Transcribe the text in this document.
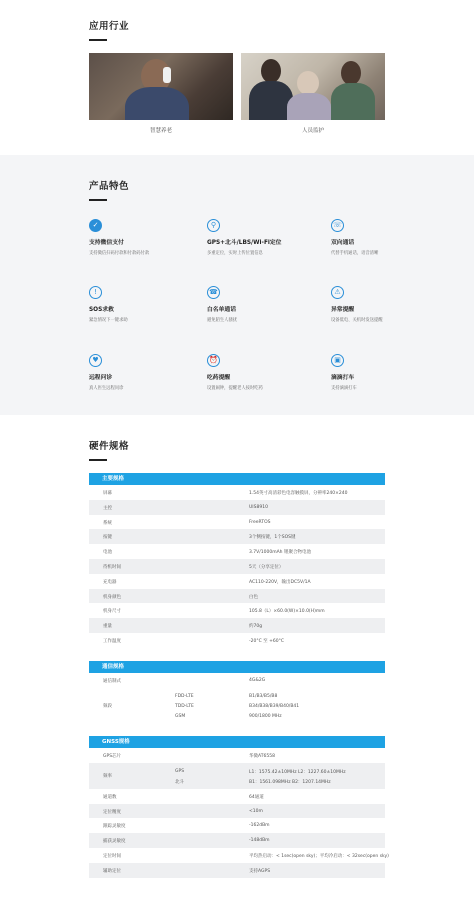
应用行业
智慧养老	人员监护
产品特色
✓
支持微信支付
支持微信扫码付款和付款码付款
⚲
GPS+北斗/LBS/Wi-Fi定位
多重定位，实时上传位置信息
☏
双向通话
代替手机通话，语音清晰
!
SOS求救
紧急情况下一键求助
☎
白名单通话
避免陌生人骚扰
⚠
异常提醒
设备低电、关机时发送提醒
♥
远程问诊
真人医生远程问诊
⏰
吃药提醒
设置闹钟，提醒老人按时吃药
▣
滴滴打车
支持滴滴打车
硬件规格
主要规格
屏幕	1.54英寸高清彩色电容触摸屏，分辨率240×240
主控	UIS8910
系统	FreeRTOS
按键	3个侧按键，1个SOS键
电池	3.7V/1000mAh 锂聚合物电池
待机时间	5天（分享定位）
充电器	AC110-220V，输出DC5V/1A
机身颜色	白色
机身尺寸	105.8（L）×60.0(W)×10.0(H)mm
重量	约70g
工作温度	-20°C 至 +60°C
通信规格
通信制式	4G&2G
频段
FDD-LTE	B1/B3/B5/B8
TDD-LTE	B34/B38/B39/B40/B41
GSM	900/1800 MHz
GNSS规格
GPS芯片	华微AT6558
频率
GPS	L1：1575.42±10MHz L2：1227.60±10MHz
北斗	B1：1561.098MHz B2：1207.14MHz
通道数	64通道
定位精度	<10m
跟踪灵敏度	-162dBm
捕获灵敏度	-148dBm
定位时间	平均热启动：< 1sec(open sky)；平均冷启动：< 32sec(open sky)
辅助定位	支持AGPS
